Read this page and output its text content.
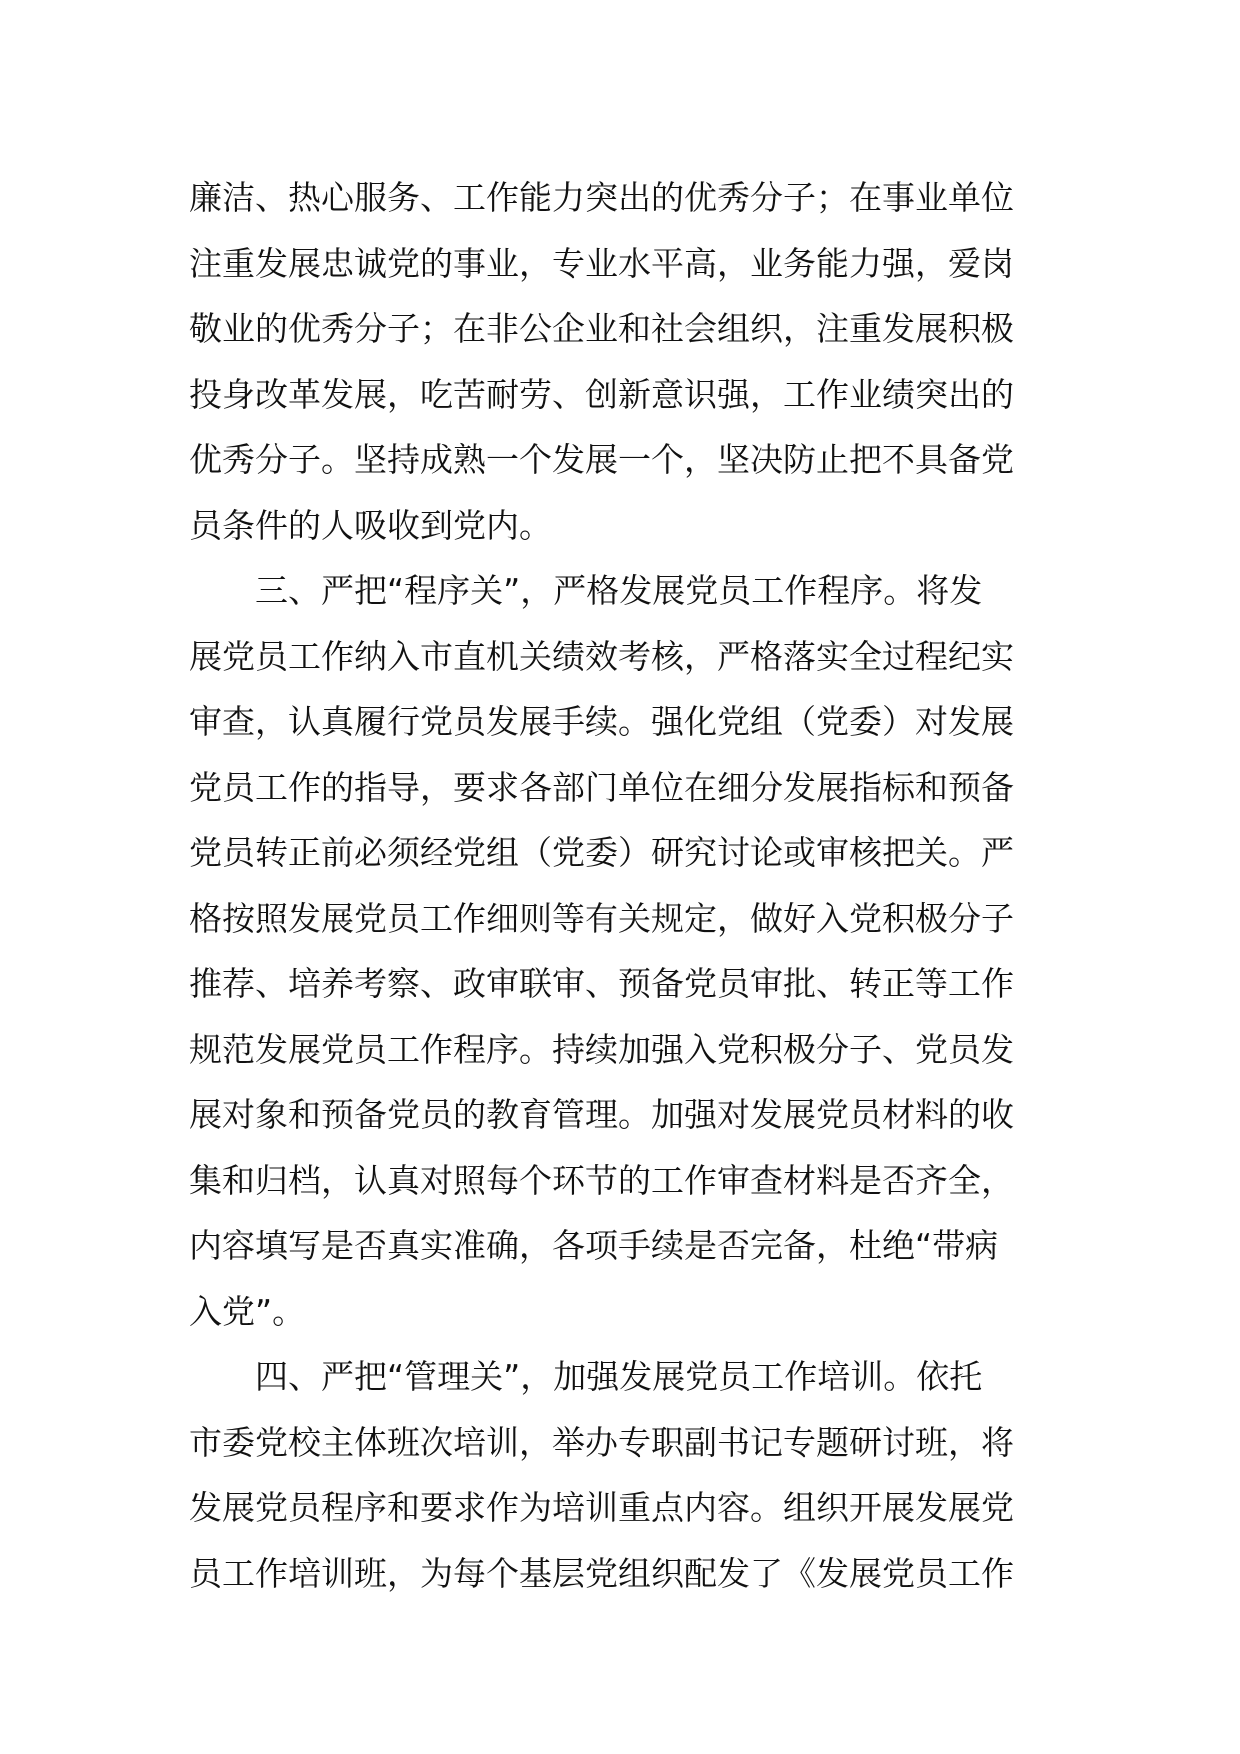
廉洁、热心服务、工作能力突出的优秀分子；在事业单位
注重发展忠诚党的事业，专业水平高，业务能力强，爱岗
敬业的优秀分子；在非公企业和社会组织，注重发展积极
投身改革发展，吃苦耐劳、创新意识强，工作业绩突出的
优秀分子。坚持成熟一个发展一个，坚决防止把不具备党
员条件的人吸收到党内。
　　三、严把“程序关”，严格发展党员工作程序。将发
展党员工作纳入市直机关绩效考核，严格落实全过程纪实
审查，认真履行党员发展手续。强化党组（党委）对发展
党员工作的指导，要求各部门单位在细分发展指标和预备
党员转正前必须经党组（党委）研究讨论或审核把关。严
格按照发展党员工作细则等有关规定，做好入党积极分子
推荐、培养考察、政审联审、预备党员审批、转正等工作
规范发展党员工作程序。持续加强入党积极分子、党员发
展对象和预备党员的教育管理。加强对发展党员材料的收
集和归档，认真对照每个环节的工作审查材料是否齐全，
内容填写是否真实准确，各项手续是否完备，杜绝“带病
入党”。
　　四、严把“管理关”，加强发展党员工作培训。依托
市委党校主体班次培训，举办专职副书记专题研讨班，将
发展党员程序和要求作为培训重点内容。组织开展发展党
员工作培训班，为每个基层党组织配发了《发展党员工作
